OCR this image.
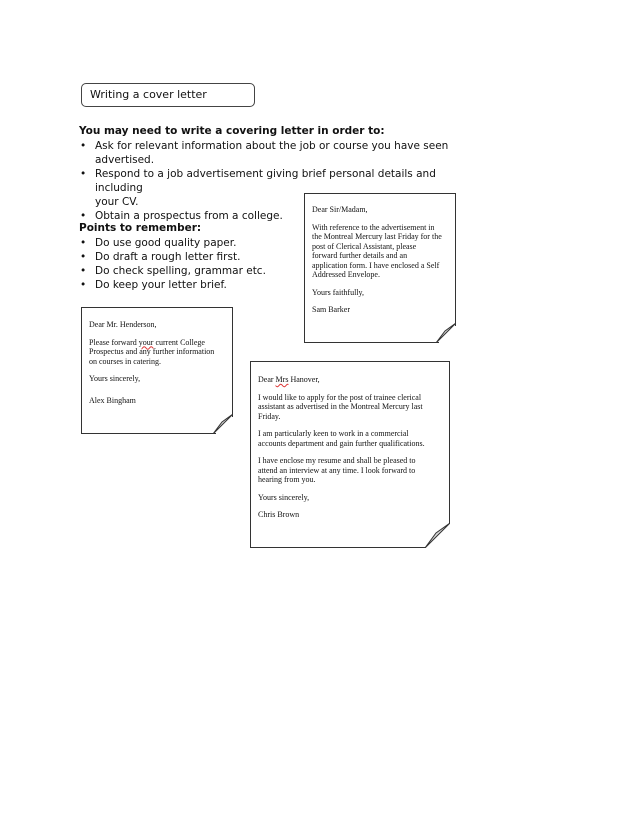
Writing a cover letter
You may need to write a covering letter in order to:
• Ask for relevant information about the job or course you have seen
advertised.
• Respond to a job advertisement giving brief personal details and including
your CV.
• Obtain a prospectus from a college.
Points to remember:
• Do use good quality paper.
• Do draft a rough letter first.
• Do check spelling, grammar etc.
• Do keep your letter brief.

Dear Sir/Madam,

With reference to the advertisement in
the Montreal Mercury last Friday for the
post of Clerical Assistant, please
forward further details and an
application form. I have enclosed a Self
Addressed Envelope.

Yours faithfully,

Sam Barker

Dear Mr. Henderson,

Please forward your current College
Prospectus and any further information
on courses in catering.

Yours sincerely,

Alex Bingham

Dear Mrs Hanover,

I would like to apply for the post of trainee clerical
assistant as advertised in the Montreal Mercury last
Friday.

I am particularly keen to work in a commercial
accounts department and gain further qualifications.

I have enclose my resume and shall be pleased to
attend an interview at any time. I look forward to
hearing from you.

Yours sincerely,

Chris Brown
